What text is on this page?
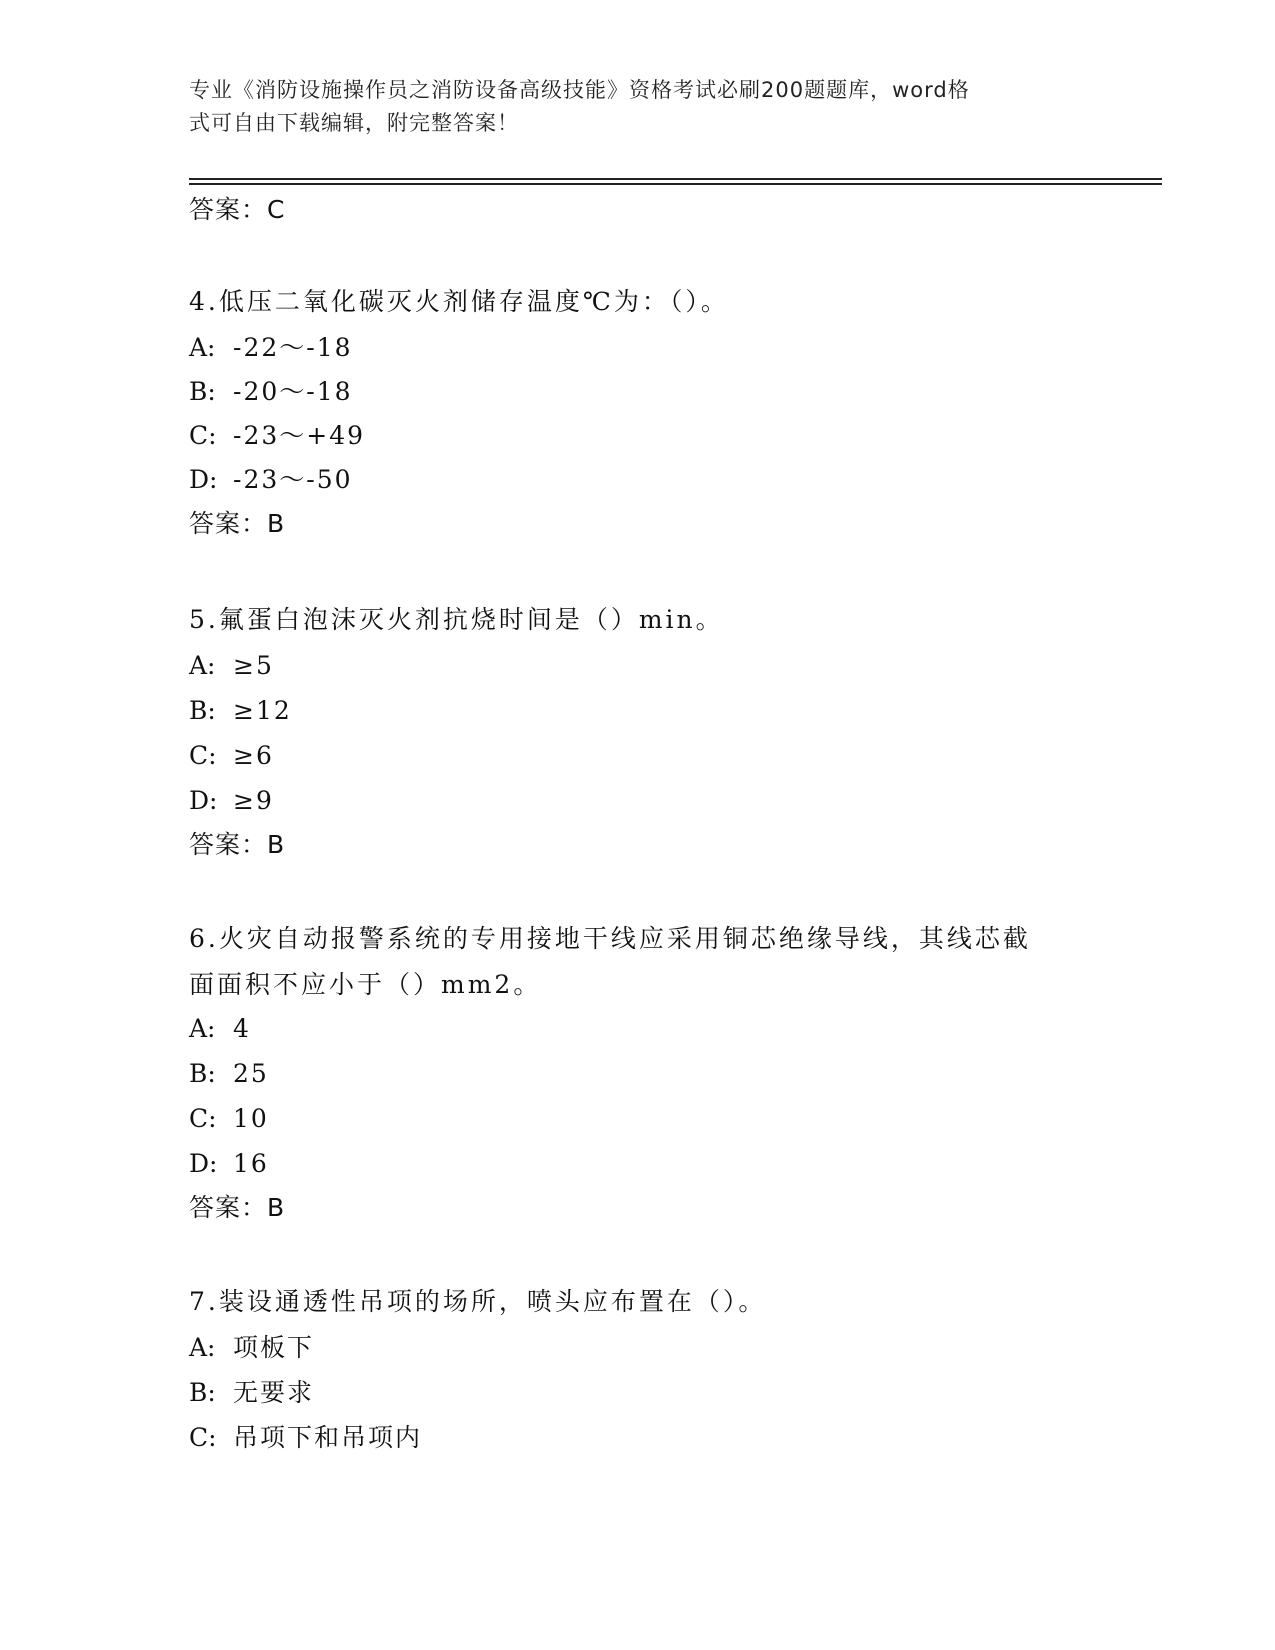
专业《消防设施操作员之消防设备高级技能》资格考试必刷200题题库，word格
式可自由下载编辑，附完整答案！
答案：C
4.低压二氧化碳灭火剂储存温度℃为：（）。
A: -22～-18
B: -20～-18
C: -23～+49
D: -23～-50
答案：B
5.氟蛋白泡沫灭火剂抗烧时间是（）min。
A: ≥5
B: ≥12
C: ≥6
D: ≥9
答案：B
6.火灾自动报警系统的专用接地干线应采用铜芯绝缘导线，其线芯截
面面积不应小于（）mm2。
A: 4
B: 25
C: 10
D: 16
答案：B
7.装设通透性吊项的场所，喷头应布置在（）。
A: 项板下
B: 无要求
C: 吊项下和吊项内
